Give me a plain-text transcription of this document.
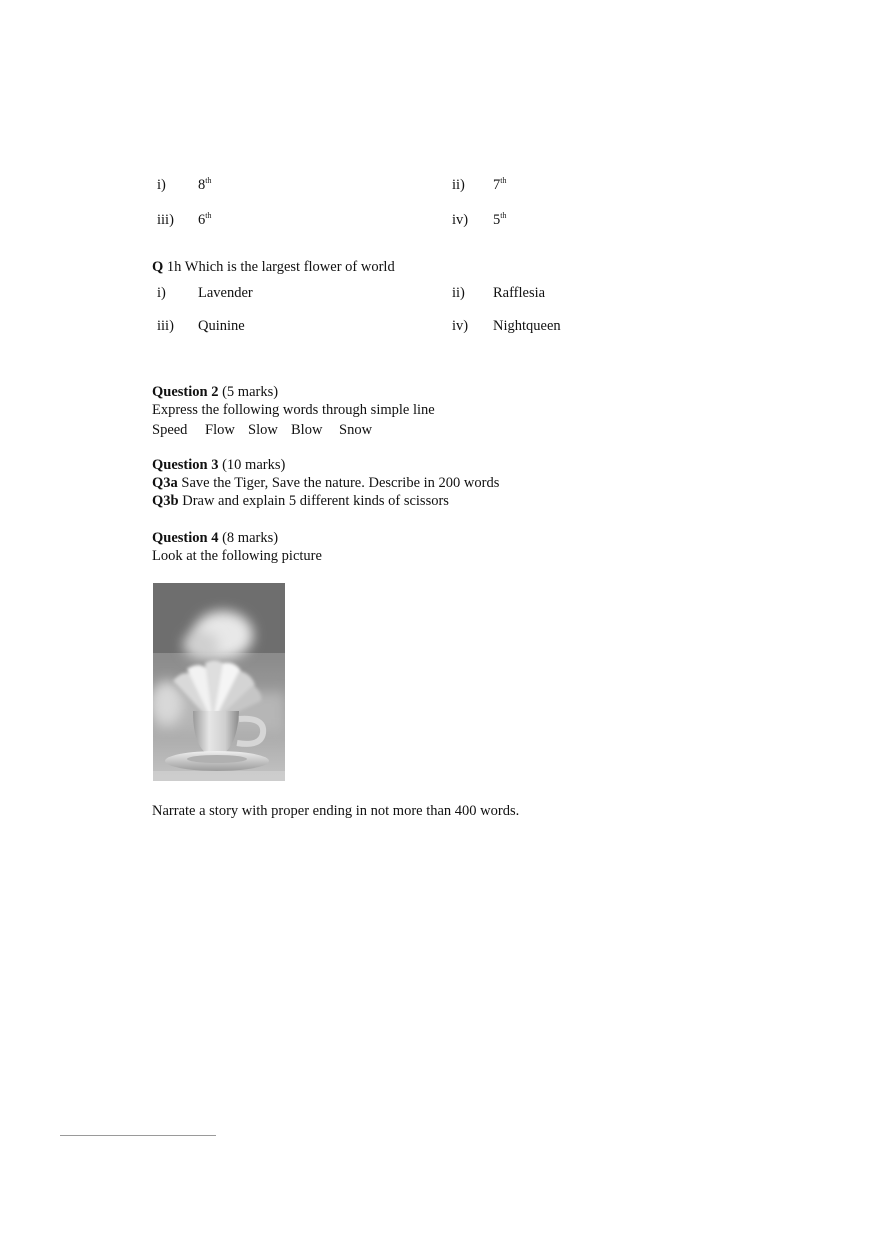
i) 8th	ii) 7th
iii) 6th	iv) 5th
Q 1h Which is the largest flower of world
i) Lavender	ii) Rafflesia
iii) Quinine	iv) Nightqueen
Question 2 (5 marks)
Express the following words through simple line
Speed Flow Slow Blow Snow
Question 3 (10 marks)
Q3a Save the Tiger, Save the nature. Describe in 200 words
Q3b Draw and explain 5 different kinds of scissors
Question 4 (8 marks)
Look at the following picture
Narrate a story with proper ending in not more than 400 words.
